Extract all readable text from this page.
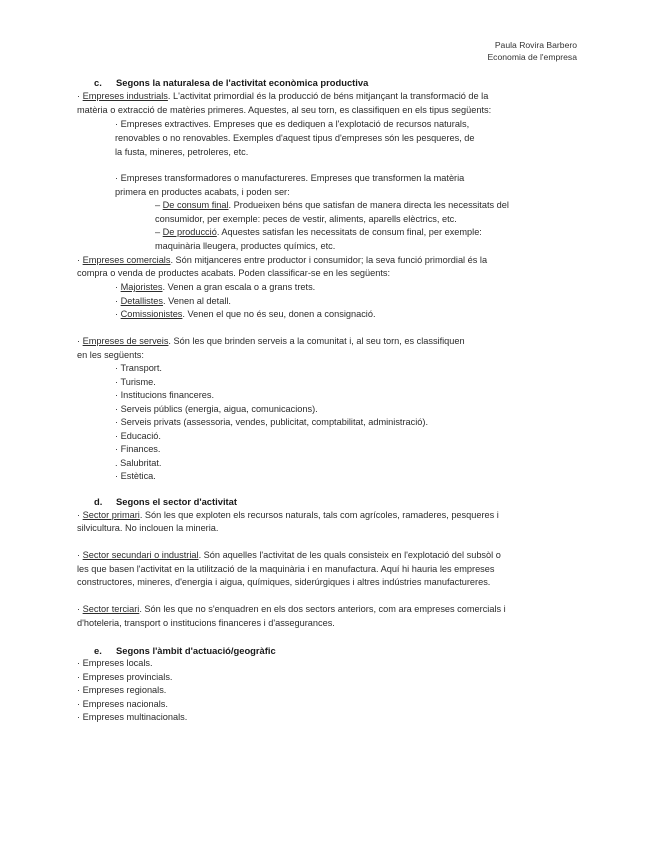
Paula Rovira Barbero
Economia de l'empresa
c. Segons la naturalesa de l'activitat econòmica productiva
· Empreses industrials. L'activitat primordial és la producció de béns mitjançant la transformació de la
matèria o extracció de matèries primeres. Aquestes, al seu torn, es classifiquen en els tipus següents:
· Empreses extractives. Empreses que es dediquen a l'explotació de recursos naturals,
renovables o no renovables. Exemples d'aquest tipus d'empreses són les pesqueres, de
la fusta, mineres, petroleres, etc.
· Empreses transformadores o manufactureres. Empreses que transformen la matèria
primera en productes acabats, i poden ser:
– De consum final. Produeixen béns que satisfan de manera directa les necessitats del
consumidor, per exemple: peces de vestir, aliments, aparells elèctrics, etc.
– De producció. Aquestes satisfan les necessitats de consum final, per exemple:
maquinària lleugera, productes químics, etc.
· Empreses comercials. Són mitjanceres entre productor i consumidor; la seva funció primordial és la
compra o venda de productes acabats. Poden classificar-se en les següents:
· Majoristes. Venen a gran escala o a grans trets.
· Detallistes. Venen al detall.
· Comissionistes. Venen el que no és seu, donen a consignació.
· Empreses de serveis. Són les que brinden serveis a la comunitat i, al seu torn, es classifiquen
en les següents:
· Transport.
· Turisme.
· Institucions financeres.
· Serveis públics (energia, aigua, comunicacions).
· Serveis privats (assessoria, vendes, publicitat, comptabilitat, administració).
· Educació.
· Finances.
. Salubritat.
· Estètica.
d. Segons el sector d'activitat
· Sector primari. Són les que exploten els recursos naturals, tals com agrícoles, ramaderes, pesqueres i
silvicultura. No inclouen la mineria.
· Sector secundari o industrial. Són aquelles l'activitat de les quals consisteix en l'explotació del subsòl o
les que basen l'activitat en la utilització de la maquinària i en manufactura. Aquí hi hauria les empreses
constructores, mineres, d'energia i aigua, químiques, siderúrgiques i altres indústries manufactureres.
· Sector terciari. Són les que no s'enquadren en els dos sectors anteriors, com ara empreses comercials i
d'hoteleria, transport o institucions financeres i d'assegurances.
e. Segons l'àmbit d'actuació/geogràfic
· Empreses locals.
· Empreses provincials.
· Empreses regionals.
· Empreses nacionals.
· Empreses multinacionals.
